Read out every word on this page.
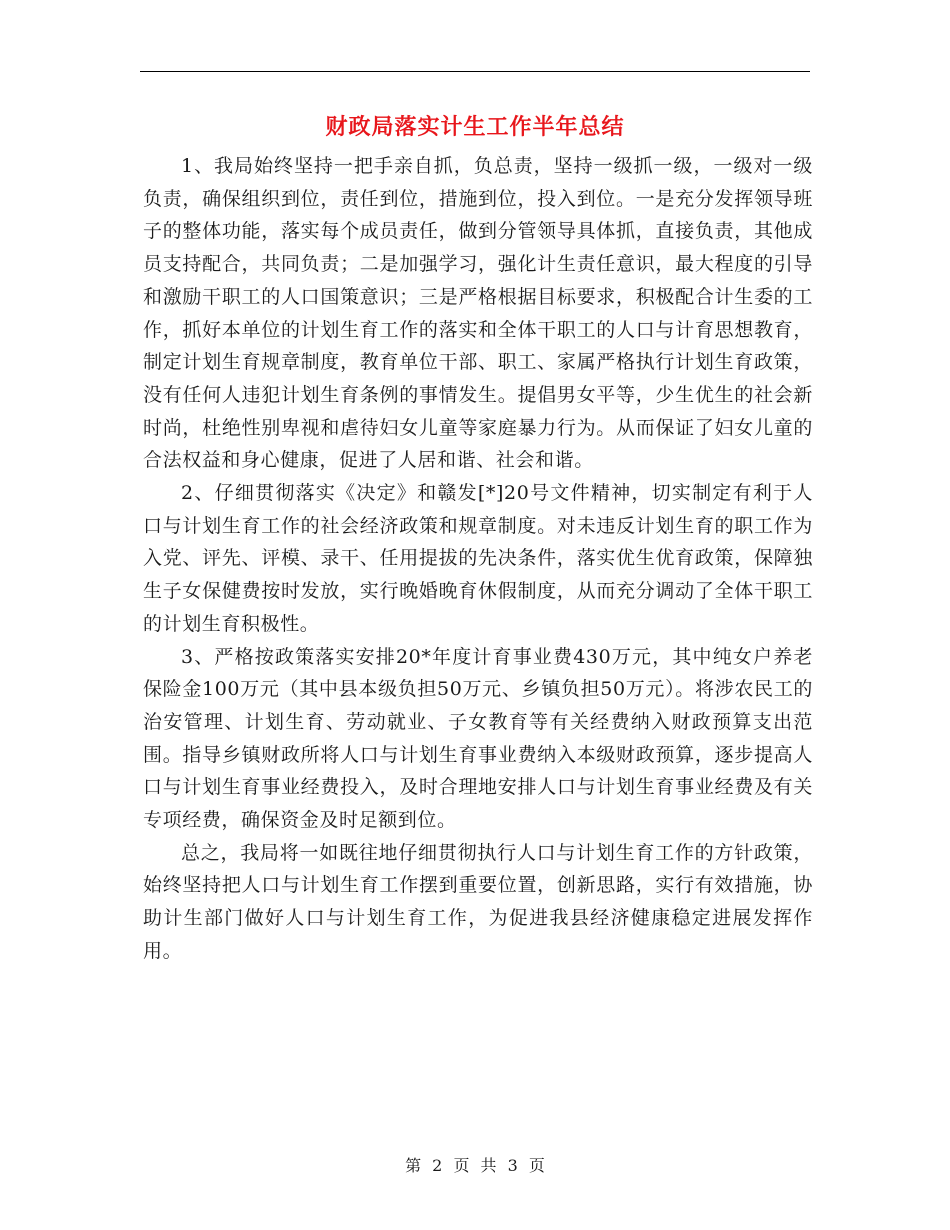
财政局落实计生工作半年总结

1、我局始终坚持一把手亲自抓，负总责，坚持一级抓一级，一级对一级负责，确保组织到位，责任到位，措施到位，投入到位。一是充分发挥领导班子的整体功能，落实每个成员责任，做到分管领导具体抓，直接负责，其他成员支持配合，共同负责；二是加强学习，强化计生责任意识，最大程度的引导和激励干职工的人口国策意识；三是严格根据目标要求，积极配合计生委的工作，抓好本单位的计划生育工作的落实和全体干职工的人口与计育思想教育，制定计划生育规章制度，教育单位干部、职工、家属严格执行计划生育政策，没有任何人违犯计划生育条例的事情发生。提倡男女平等，少生优生的社会新时尚，杜绝性别卑视和虐待妇女儿童等家庭暴力行为。从而保证了妇女儿童的合法权益和身心健康，促进了人居和谐、社会和谐。

2、仔细贯彻落实《决定》和赣发[*]20号文件精神，切实制定有利于人口与计划生育工作的社会经济政策和规章制度。对未违反计划生育的职工作为入党、评先、评模、录干、任用提拔的先决条件，落实优生优育政策，保障独生子女保健费按时发放，实行晚婚晚育休假制度，从而充分调动了全体干职工的计划生育积极性。

3、严格按政策落实安排20*年度计育事业费430万元，其中纯女户养老保险金100万元（其中县本级负担50万元、乡镇负担50万元）。将涉农民工的治安管理、计划生育、劳动就业、子女教育等有关经费纳入财政预算支出范围。指导乡镇财政所将人口与计划生育事业费纳入本级财政预算，逐步提高人口与计划生育事业经费投入，及时合理地安排人口与计划生育事业经费及有关专项经费，确保资金及时足额到位。

总之，我局将一如既往地仔细贯彻执行人口与计划生育工作的方针政策，始终坚持把人口与计划生育工作摆到重要位置，创新思路，实行有效措施，协助计生部门做好人口与计划生育工作，为促进我县经济健康稳定进展发挥作用。

第 2 页 共 3 页
